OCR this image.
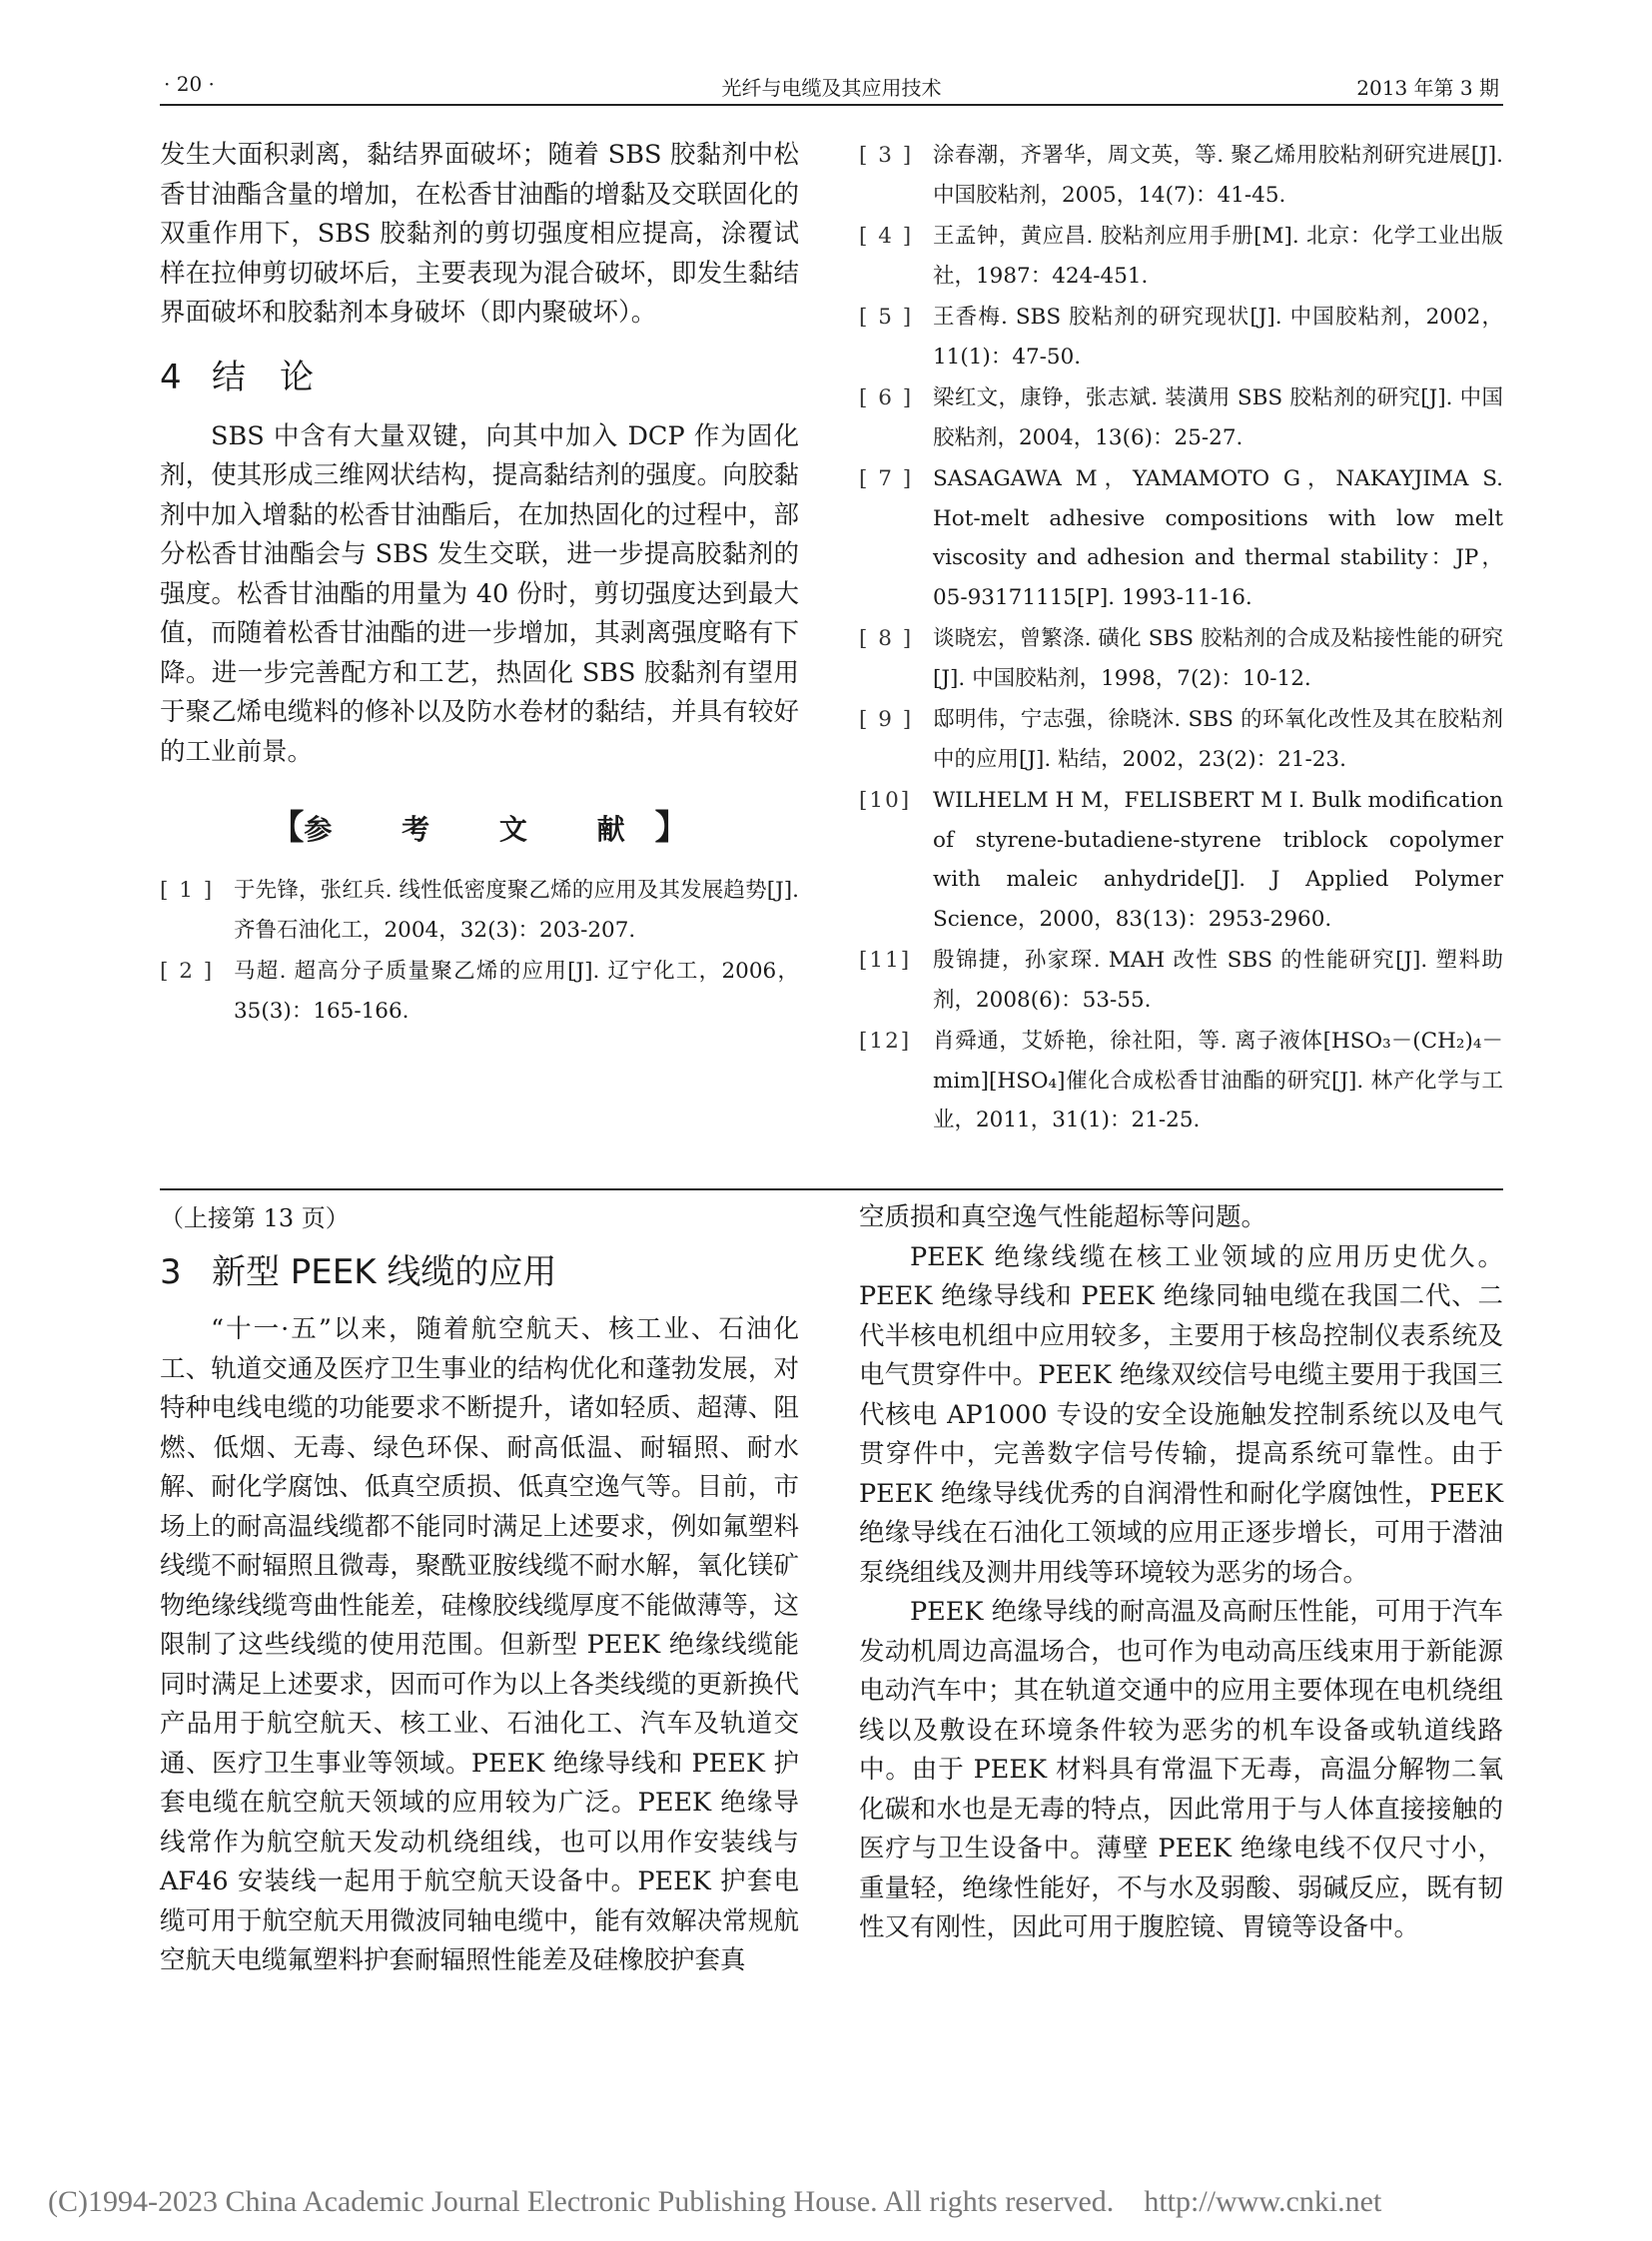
· 20 ·	光纤与电缆及其应用技术	2013 年第 3 期

发生大面积剥离，黏结界面破坏；随着 SBS 胶黏剂中松香甘油酯含量的增加，在松香甘油酯的增黏及交联固化的双重作用下，SBS 胶黏剂的剪切强度相应提高，涂覆试样在拉伸剪切破坏后，主要表现为混合破坏，即发生黏结界面破坏和胶黏剂本身破坏（即内聚破坏）。

4 结　论

SBS 中含有大量双键，向其中加入 DCP 作为固化剂，使其形成三维网状结构，提高黏结剂的强度。向胶黏剂中加入增黏的松香甘油酯后，在加热固化的过程中，部分松香甘油酯会与 SBS 发生交联，进一步提高胶黏剂的强度。松香甘油酯的用量为 40 份时，剪切强度达到最大值，而随着松香甘油酯的进一步增加，其剥离强度略有下降。进一步完善配方和工艺，热固化 SBS 胶黏剂有望用于聚乙烯电缆料的修补以及防水卷材的黏结，并具有较好的工业前景。

【参 考 文 献】
[ 1 ] 于先锋，张红兵. 线性低密度聚乙烯的应用及其发展趋势[J]. 齐鲁石油化工，2004，32(3)：203-207.
[ 2 ] 马超. 超高分子质量聚乙烯的应用[J]. 辽宁化工，2006，35(3)：165-166.
[ 3 ] 涂春潮，齐署华，周文英，等. 聚乙烯用胶粘剂研究进展[J]. 中国胶粘剂，2005，14(7)：41-45.
[ 4 ] 王孟钟，黄应昌. 胶粘剂应用手册[M]. 北京：化学工业出版社，1987：424-451.
[ 5 ] 王香梅. SBS 胶粘剂的研究现状[J]. 中国胶粘剂，2002，11(1)：47-50.
[ 6 ] 梁红文，康铮，张志斌. 装潢用 SBS 胶粘剂的研究[J]. 中国胶粘剂，2004，13(6)：25-27.
[ 7 ] SASAGAWA M，YAMAMOTO G，NAKAYJIMA S. Hot-melt adhesive compositions with low melt viscosity and adhesion and thermal stability：JP，05-93171115[P]. 1993-11-16.
[ 8 ] 谈晓宏，曾繁涤. 磺化 SBS 胶粘剂的合成及粘接性能的研究[J]. 中国胶粘剂，1998，7(2)：10-12.
[ 9 ] 邸明伟，宁志强，徐晓沐. SBS 的环氧化改性及其在胶粘剂中的应用[J]. 粘结，2002，23(2)：21-23.
[10]	WILHELM H M，FELISBERT M I. Bulk modification of styrene-butadiene-styrene triblock copolymer with maleic anhydride[J]. J Applied Polymer Science，2000，83(13)：2953-2960.
[11]	殷锦捷，孙家琛. MAH 改性 SBS 的性能研究[J]. 塑料助剂，2008(6)：53-55.
[12]	肖舜通，艾娇艳，徐社阳，等. 离子液体[HSO₃－(CH₂)₄－mim][HSO₄]催化合成松香甘油酯的研究[J]. 林产化学与工业，2011，31(1)：21-25.

（上接第 13 页）

3 新型 PEEK 线缆的应用

“十一·五”以来，随着航空航天、核工业、石油化工、轨道交通及医疗卫生事业的结构优化和蓬勃发展，对特种电线电缆的功能要求不断提升，诸如轻质、超薄、阻燃、低烟、无毒、绿色环保、耐高低温、耐辐照、耐水解、耐化学腐蚀、低真空质损、低真空逸气等。目前，市场上的耐高温线缆都不能同时满足上述要求，例如氟塑料线缆不耐辐照且微毒，聚酰亚胺线缆不耐水解，氧化镁矿物绝缘线缆弯曲性能差，硅橡胶线缆厚度不能做薄等，这限制了这些线缆的使用范围。但新型 PEEK 绝缘线缆能同时满足上述要求，因而可作为以上各类线缆的更新换代产品用于航空航天、核工业、石油化工、汽车及轨道交通、医疗卫生事业等领域。PEEK 绝缘导线和 PEEK 护套电缆在航空航天领域的应用较为广泛。PEEK 绝缘导线常作为航空航天发动机绕组线，也可以用作安装线与 AF46 安装线一起用于航空航天设备中。PEEK 护套电缆可用于航空航天用微波同轴电缆中，能有效解决常规航空航天电缆氟塑料护套耐辐照性能差及硅橡胶护套真

空质损和真空逸气性能超标等问题。

PEEK 绝缘线缆在核工业领域的应用历史优久。PEEK 绝缘导线和 PEEK 绝缘同轴电缆在我国二代、二代半核电机组中应用较多，主要用于核岛控制仪表系统及电气贯穿件中。PEEK 绝缘双绞信号电缆主要用于我国三代核电 AP1000 专设的安全设施触发控制系统以及电气贯穿件中，完善数字信号传输，提高系统可靠性。由于 PEEK 绝缘导线优秀的自润滑性和耐化学腐蚀性，PEEK 绝缘导线在石油化工领域的应用正逐步增长，可用于潜油泵绕组线及测井用线等环境较为恶劣的场合。

PEEK 绝缘导线的耐高温及高耐压性能，可用于汽车发动机周边高温场合，也可作为电动高压线束用于新能源电动汽车中；其在轨道交通中的应用主要体现在电机绕组线以及敷设在环境条件较为恶劣的机车设备或轨道线路中。由于 PEEK 材料具有常温下无毒，高温分解物二氧化碳和水也是无毒的特点，因此常用于与人体直接接触的医疗与卫生设备中。薄壁 PEEK 绝缘电线不仅尺寸小，重量轻，绝缘性能好，不与水及弱酸、弱碱反应，既有韧性又有刚性，因此可用于腹腔镜、胃镜等设备中。

(C)1994-2023 China Academic Journal Electronic Publishing House. All rights reserved. http://www.cnki.net
